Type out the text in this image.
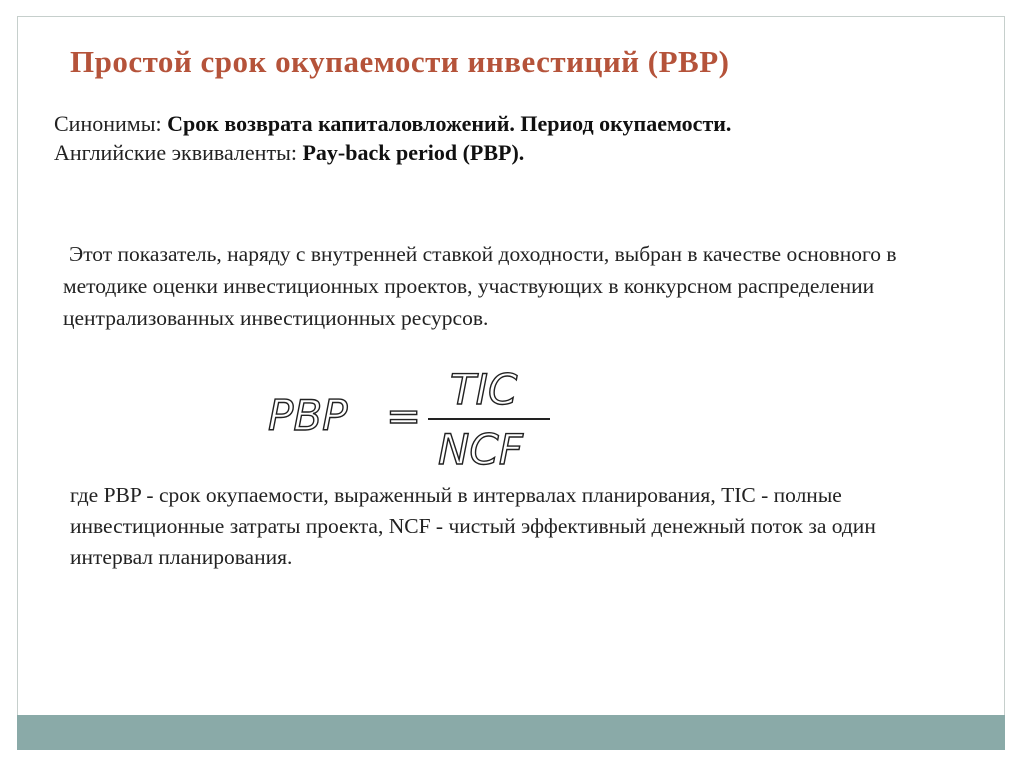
Простой срок окупаемости инвестиций (PBP)

Синонимы: Срок возврата капиталовложений. Период окупаемости.
Английские эквиваленты: Pay-back period (PBP).

Этот показатель, наряду с внутренней ставкой доходности, выбран в качестве основного в методике оценки инвестиционных проектов, участвующих в конкурсном распределении централизованных инвестиционных ресурсов.

PBP =
TIC
NCF

где PBP - срок окупаемости, выраженный в интервалах планирования, TIC - полные инвестиционные затраты проекта, NCF - чистый эффективный денежный поток за один интервал планирования.
